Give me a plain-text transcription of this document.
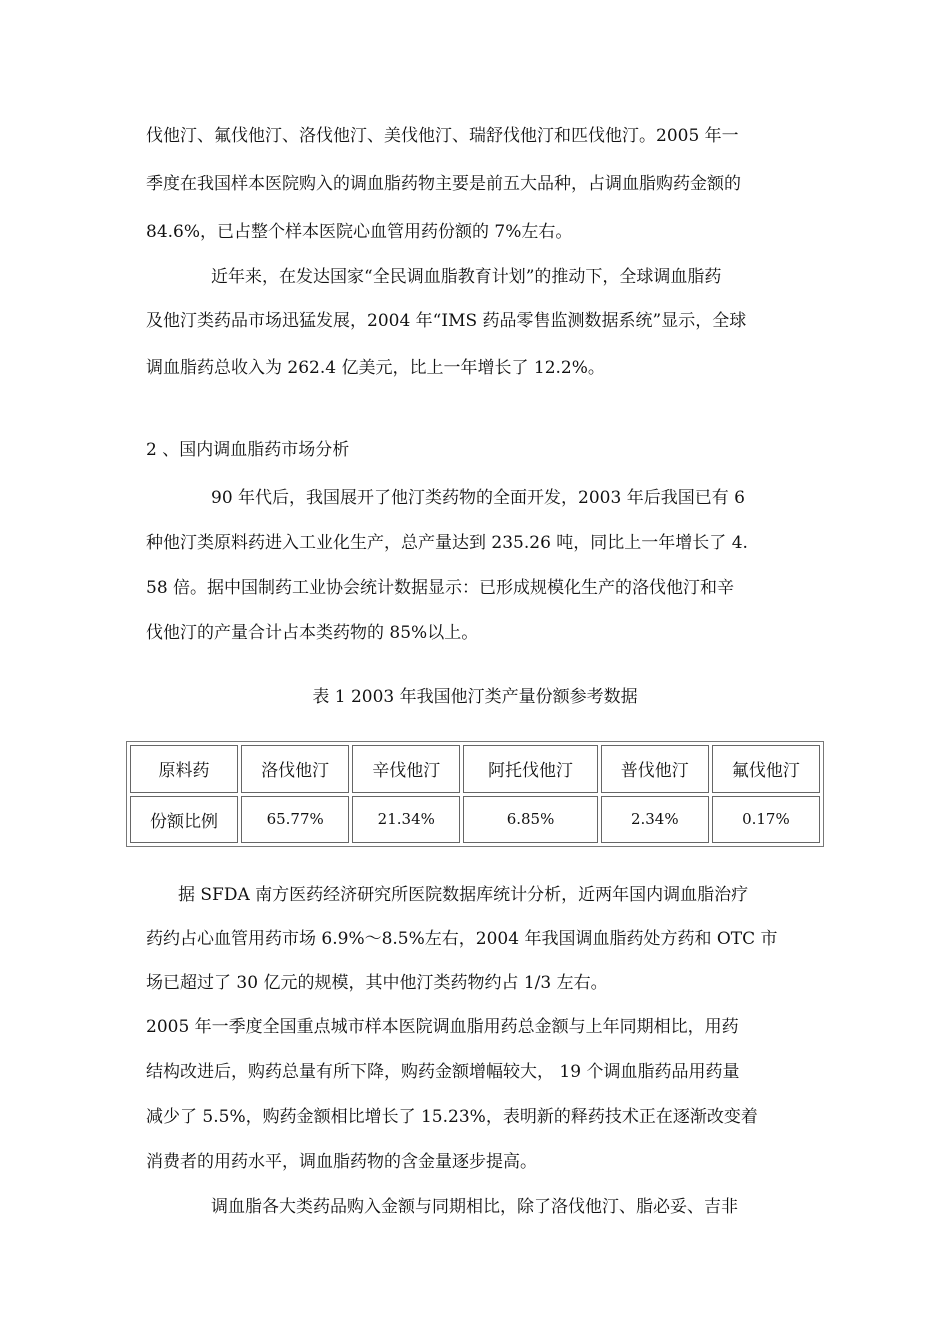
伐他汀、氟伐他汀、洛伐他汀、美伐他汀、瑞舒伐他汀和匹伐他汀。2005 年一
季度在我国样本医院购入的调血脂药物主要是前五大品种，占调血脂购药金额的
84.6%，已占整个样本医院心血管用药份额的 7%左右。
近年来，在发达国家“全民调血脂教育计划”的推动下，全球调血脂药
及他汀类药品市场迅猛发展，2004 年“IMS 药品零售监测数据系统”显示，全球
调血脂药总收入为 262.4 亿美元，比上一年增长了 12.2%。
2 、国内调血脂药市场分析
90 年代后，我国展开了他汀类药物的全面开发，2003 年后我国已有 6
种他汀类原料药进入工业化生产，总产量达到 235.26 吨，同比上一年增长了 4.
58 倍。据中国制药工业协会统计数据显示：已形成规模化生产的洛伐他汀和辛
伐他汀的产量合计占本类药物的 85%以上。
表 1 2003 年我国他汀类产量份额参考数据
原料药	洛伐他汀	辛伐他汀	阿托伐他汀	普伐他汀	氟伐他汀
份额比例	65.77%	21.34%	6.85%	2.34%	0.17%
据 SFDA 南方医药经济研究所医院数据库统计分析，近两年国内调血脂治疗
药约占心血管用药市场 6.9%～8.5%左右，2004 年我国调血脂药处方药和 OTC 市
场已超过了 30 亿元的规模，其中他汀类药物约占 1/3 左右。
2005 年一季度全国重点城市样本医院调血脂用药总金额与上年同期相比，用药
结构改进后，购药总量有所下降，购药金额增幅较大， 19 个调血脂药品用药量
减少了 5.5%，购药金额相比增长了 15.23%，表明新的释药技术正在逐渐改变着
消费者的用药水平，调血脂药物的含金量逐步提高。
调血脂各大类药品购入金额与同期相比，除了洛伐他汀、脂必妥、吉非
